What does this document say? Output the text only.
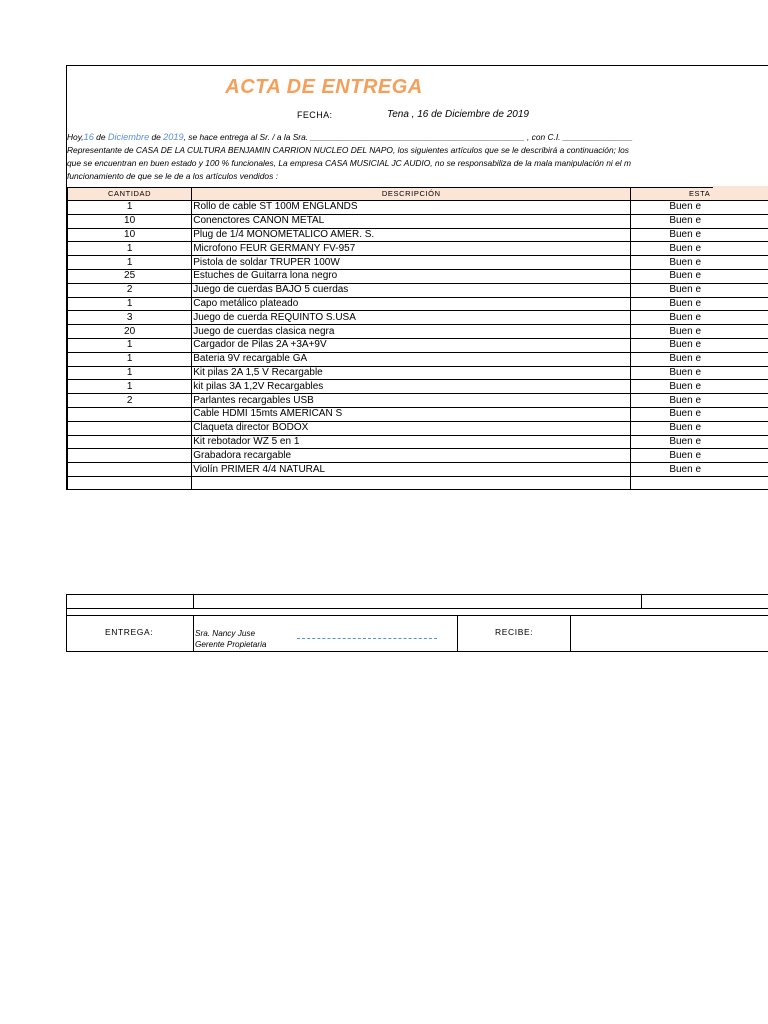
ACTA DE ENTREGA
FECHA:	Tena , 16 de Diciembre de 2019
Hoy,16 de Diciembre de 2019, se hace entrega al Sr. / a la Sra. ______________________________________________ , con C.I. _______________
Representante de CASA DE LA CULTURA BENJAMIN CARRION NUCLEO DEL NAPO, los siguientes artículos que se le describirá a continuación; los
que se encuentran en buen estado y 100 % funcionales, La empresa CASA MUSICIAL JC AUDIO, no se responsabiliza de la mala manipulación ni el m
funcionamiento de que se le de a los artículos vendidos :
CANTIDAD	DESCRIPCIÓN	ESTA
1	Rollo de cable ST 100M ENGLANDS	Buen e
10	Conenctores CANON METAL	Buen e
10	Plug de 1/4 MONOMETALICO AMER. S.	Buen e
1	Microfono FEUR GERMANY FV-957	Buen e
1	Pistola de soldar TRUPER 100W	Buen e
25	Estuches de Guitarra lona negro	Buen e
2	Juego de cuerdas BAJO 5 cuerdas	Buen e
1	Capo metálico plateado	Buen e
3	Juego de cuerda REQUINTO S.USA	Buen e
20	Juego de cuerdas clasica negra	Buen e
1	Cargador de Pilas 2A +3A+9V	Buen e
1	Bateria 9V recargable GA	Buen e
1	Kit pilas 2A 1,5 V Recargable	Buen e
1	kit pilas 3A 1,2V Recargables	Buen e
2	Parlantes recargables USB	Buen e
	Cable HDMI 15mts AMERICAN S	Buen e
	Claqueta director BODOX	Buen e
	Kit rebotador WZ 5 en 1	Buen e
	Grabadora recargable	Buen e
	Violín PRIMER 4/4 NATURAL	Buen e

ENTREGA:	Sra. Nancy Juse
Gerente Propietaria
RECIBE:
